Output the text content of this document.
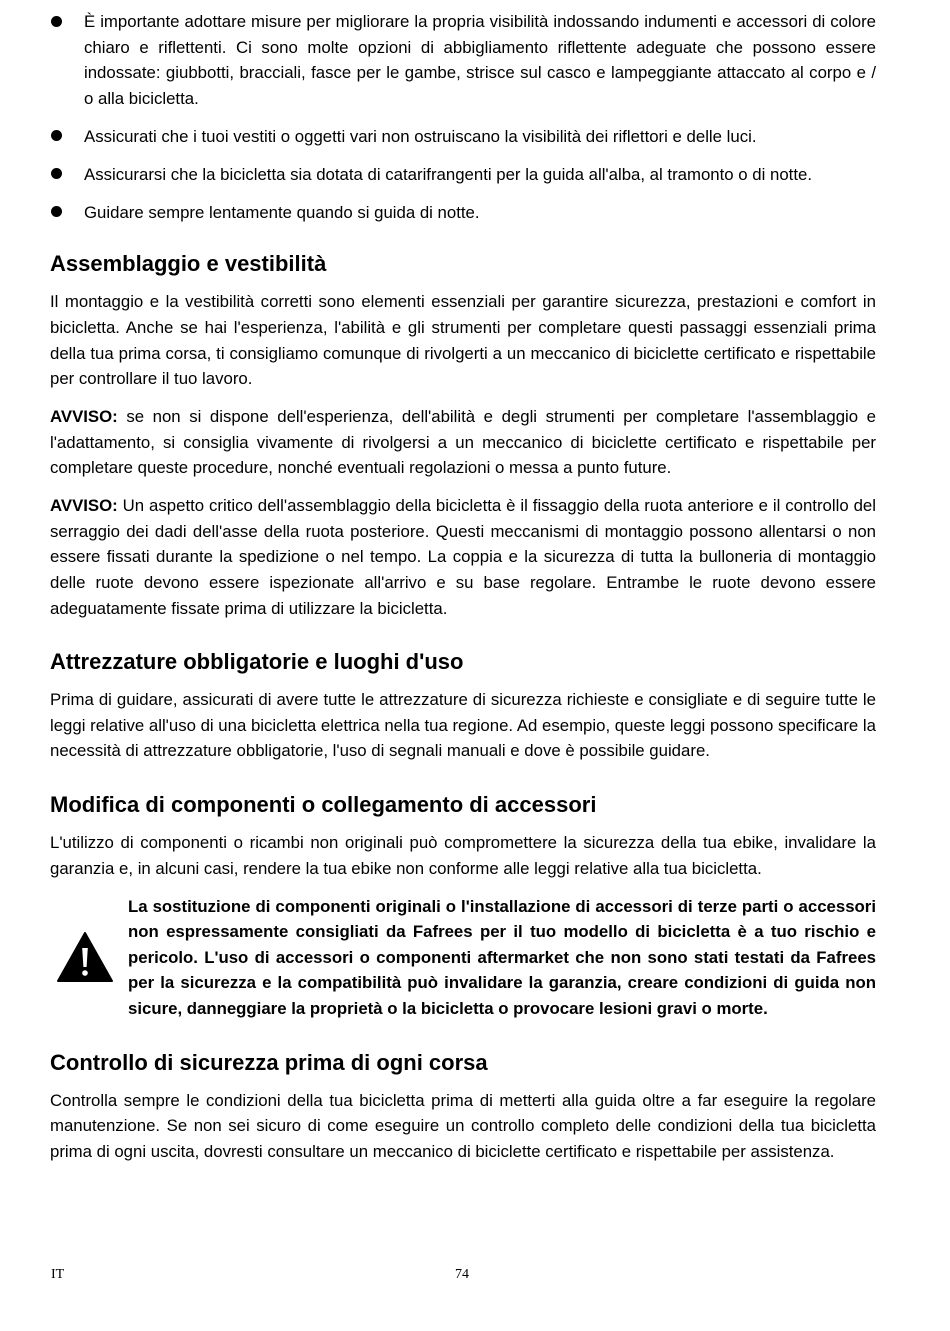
È importante adottare misure per migliorare la propria visibilità indossando indumenti e accessori di colore chiaro e riflettenti. Ci sono molte opzioni di abbigliamento riflettente adeguate che possono essere indossate: giubbotti, bracciali, fasce per le gambe, strisce sul casco e lampeggiante attaccato al corpo e / o alla bicicletta.
Assicurati che i tuoi vestiti o oggetti vari non ostruiscano la visibilità dei riflettori e delle luci.
Assicurarsi che la bicicletta sia dotata di catarifrangenti per la guida all'alba, al tramonto o di notte.
Guidare sempre lentamente quando si guida di notte.
Assemblaggio e vestibilità

Il montaggio e la vestibilità corretti sono elementi essenziali per garantire sicurezza, prestazioni e comfort in bicicletta. Anche se hai l'esperienza, l'abilità e gli strumenti per completare questi passaggi essenziali prima della tua prima corsa, ti consigliamo comunque di rivolgerti a un meccanico di biciclette certificato e rispettabile per controllare il tuo lavoro.

AVVISO: se non si dispone dell'esperienza, dell'abilità e degli strumenti per completare l'assemblaggio e l'adattamento, si consiglia vivamente di rivolgersi a un meccanico di biciclette certificato e rispettabile per completare queste procedure, nonché eventuali regolazioni o messa a punto future.

AVVISO: Un aspetto critico dell'assemblaggio della bicicletta è il fissaggio della ruota anteriore e il controllo del serraggio dei dadi dell'asse della ruota posteriore. Questi meccanismi di montaggio possono allentarsi o non essere fissati durante la spedizione o nel tempo. La coppia e la sicurezza di tutta la bulloneria di montaggio delle ruote devono essere ispezionate all'arrivo e su base regolare. Entrambe le ruote devono essere adeguatamente fissate prima di utilizzare la bicicletta.

Attrezzature obbligatorie e luoghi d'uso

Prima di guidare, assicurati di avere tutte le attrezzature di sicurezza richieste e consigliate e di seguire tutte le leggi relative all'uso di una bicicletta elettrica nella tua regione. Ad esempio, queste leggi possono specificare la necessità di attrezzature obbligatorie, l'uso di segnali manuali e dove è possibile guidare.

Modifica di componenti o collegamento di accessori

L'utilizzo di componenti o ricambi non originali può compromettere la sicurezza della tua ebike, invalidare la garanzia e, in alcuni casi, rendere la tua ebike non conforme alle leggi relative alla tua bicicletta.

La sostituzione di componenti originali o l'installazione di accessori di terze parti o accessori non espressamente consigliati da Fafrees per il tuo modello di bicicletta è a tuo rischio e pericolo. L'uso di accessori o componenti aftermarket che non sono stati testati da Fafrees per la sicurezza e la compatibilità può invalidare la garanzia, creare condizioni di guida non sicure, danneggiare la proprietà o la bicicletta o provocare lesioni gravi o morte.

Controllo di sicurezza prima di ogni corsa

Controlla sempre le condizioni della tua bicicletta prima di metterti alla guida oltre a far eseguire la regolare manutenzione. Se non sei sicuro di come eseguire un controllo completo delle condizioni della tua bicicletta prima di ogni uscita, dovresti consultare un meccanico di biciclette certificato e rispettabile per assistenza.

IT	74
